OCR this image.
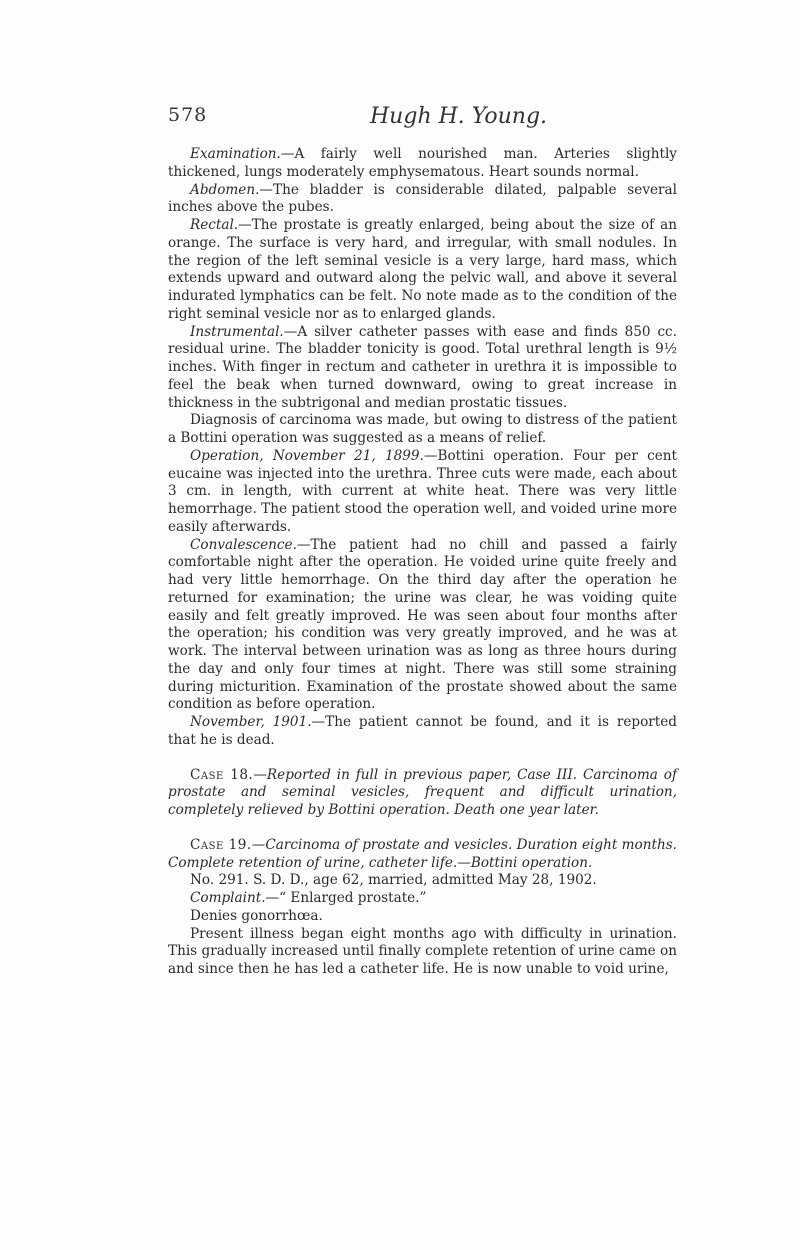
578	Hugh H. Young.

Examination.—A fairly well nourished man. Arteries slightly thickened, lungs moderately emphysematous. Heart sounds normal.

Abdomen.—The bladder is considerable dilated, palpable several inches above the pubes.

Rectal.—The prostate is greatly enlarged, being about the size of an orange. The surface is very hard, and irregular, with small nodules. In the region of the left seminal vesicle is a very large, hard mass, which extends upward and outward along the pelvic wall, and above it several indurated lymphatics can be felt. No note made as to the condition of the right seminal vesicle nor as to enlarged glands.

Instrumental.—A silver catheter passes with ease and finds 850 cc. residual urine. The bladder tonicity is good. Total urethral length is 9½ inches. With finger in rectum and catheter in urethra it is impossible to feel the beak when turned downward, owing to great increase in thickness in the subtrigonal and median prostatic tissues.

Diagnosis of carcinoma was made, but owing to distress of the patient a Bottini operation was suggested as a means of relief.

Operation, November 21, 1899.—Bottini operation. Four per cent eucaine was injected into the urethra. Three cuts were made, each about 3 cm. in length, with current at white heat. There was very little hemorrhage. The patient stood the operation well, and voided urine more easily afterwards.

Convalescence.—The patient had no chill and passed a fairly comfortable night after the operation. He voided urine quite freely and had very little hemorrhage. On the third day after the operation he returned for examination; the urine was clear, he was voiding quite easily and felt greatly improved. He was seen about four months after the operation; his condition was very greatly improved, and he was at work. The interval between urination was as long as three hours during the day and only four times at night. There was still some straining during micturition. Examination of the prostate showed about the same condition as before operation.

November, 1901.—The patient cannot be found, and it is reported that he is dead.

Case 18.—Reported in full in previous paper, Case III. Carcinoma of prostate and seminal vesicles, frequent and difficult urination, completely relieved by Bottini operation. Death one year later.

Case 19.—Carcinoma of prostate and vesicles. Duration eight months. Complete retention of urine, catheter life.—Bottini operation.

No. 291. S. D. D., age 62, married, admitted May 28, 1902.

Complaint.—“ Enlarged prostate.”

Denies gonorrhœa.

Present illness began eight months ago with difficulty in urination. This gradually increased until finally complete retention of urine came on and since then he has led a catheter life. He is now unable to void urine,
